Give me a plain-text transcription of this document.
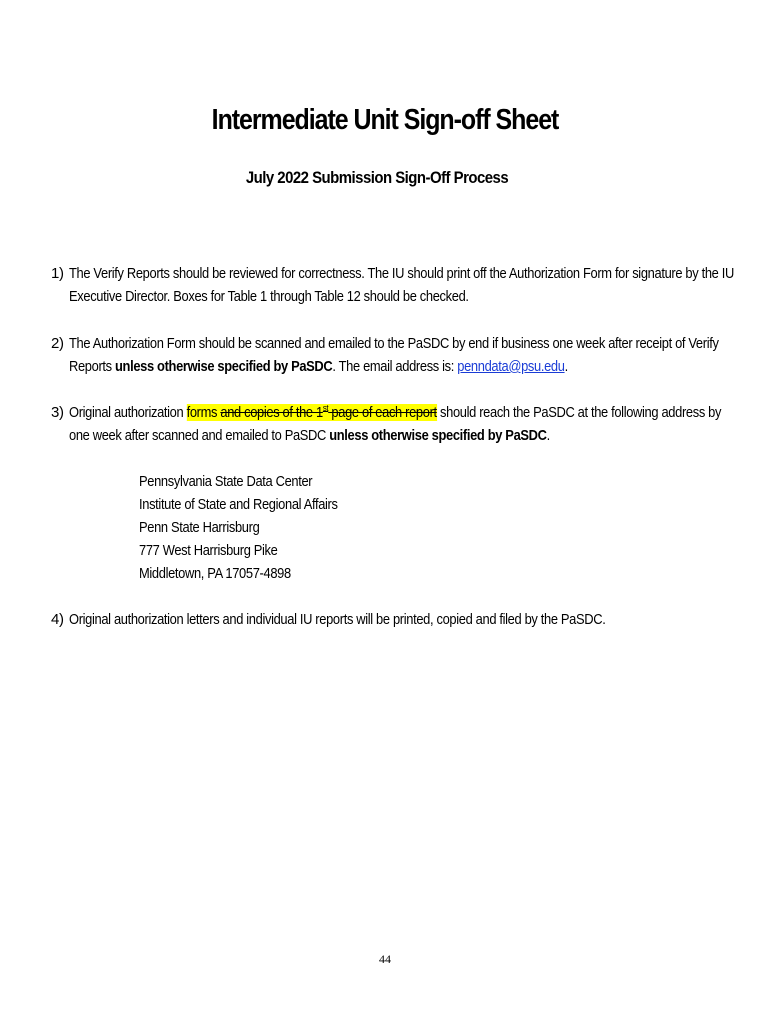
Intermediate Unit Sign-off Sheet
July 2022 Submission Sign-Off Process
1) The Verify Reports should be reviewed for correctness. The IU should print off the Authorization Form for signature by the IU
Executive Director. Boxes for Table 1 through Table 12 should be checked.
2) The Authorization Form should be scanned and emailed to the PaSDC by end if business one week after receipt of Verify
Reports unless otherwise specified by PaSDC. The email address is: penndata@psu.edu.
3) Original authorization forms and copies of the 1st page of each report should reach the PaSDC at the following address by
one week after scanned and emailed to PaSDC unless otherwise specified by PaSDC.
Pennsylvania State Data Center
Institute of State and Regional Affairs
Penn State Harrisburg
777 West Harrisburg Pike
Middletown, PA 17057-4898
4) Original authorization letters and individual IU reports will be printed, copied and filed by the PaSDC.
44
